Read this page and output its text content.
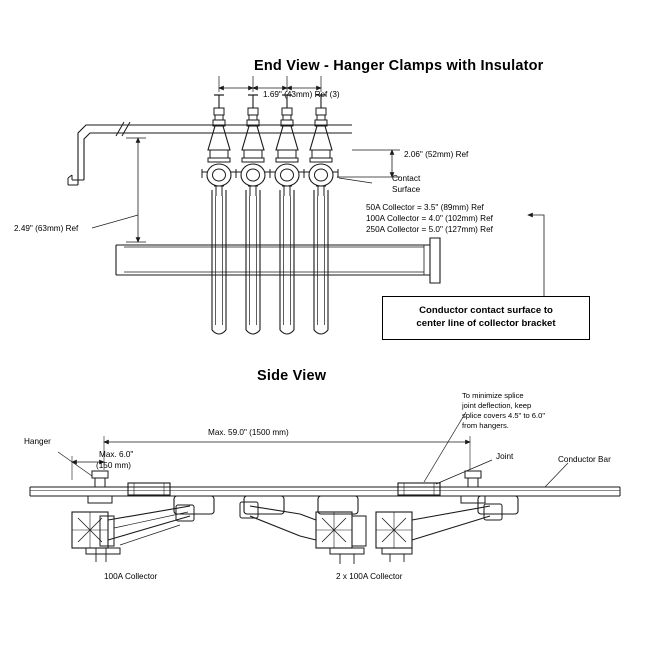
End View - Hanger Clamps with Insulator
1.69" (43mm) Ref (3)
2.06" (52mm) Ref
Contact
Surface
2.49" (63mm) Ref
50A Collector = 3.5" (89mm) Ref
100A Collector = 4.0" (102mm) Ref
250A Collector = 5.0" (127mm) Ref
Conductor contact surface to
center line of collector bracket
Side View
To minimize splice
joint deflection, keep
splice covers 4.5" to 6.0"
from hangers.
Hanger
Max. 59.0" (1500 mm)
Max. 6.0"
(150 mm)
Joint	Conductor Bar
100A Collector	2 x 100A Collector
